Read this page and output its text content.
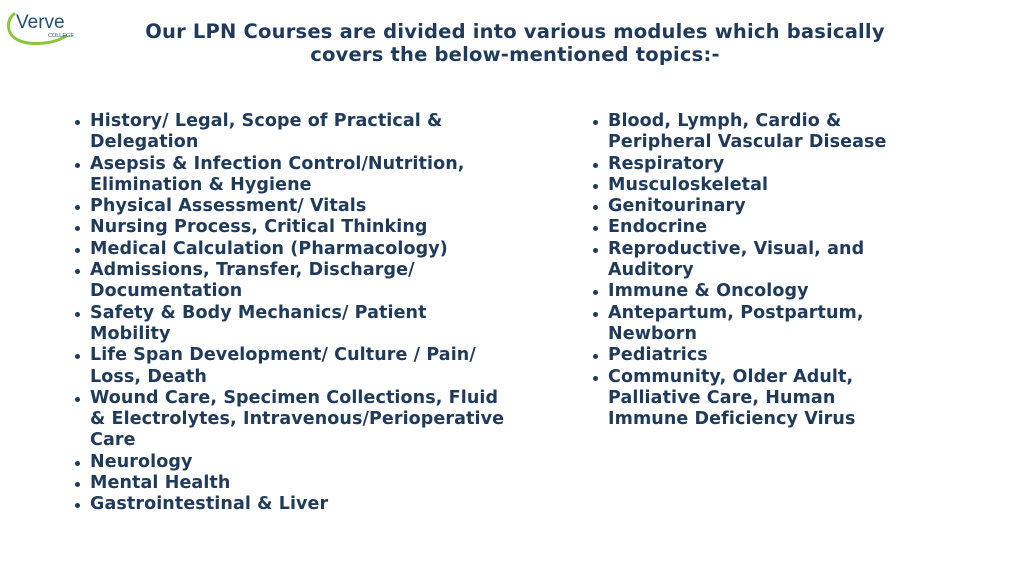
Verve
COLLEGE	Our LPN Courses are divided into various modules which basically
covers the below-mentioned topics:-
History/ Legal, Scope of Practical & Delegation
Asepsis & Infection Control/Nutrition, Elimination & Hygiene
Physical Assessment/ Vitals
Nursing Process, Critical Thinking
Medical Calculation (Pharmacology)
Admissions, Transfer, Discharge/ Documentation
Safety & Body Mechanics/ Patient Mobility
Life Span Development/ Culture / Pain/ Loss, Death
Wound Care, Specimen Collections, Fluid & Electrolytes, Intravenous/Perioperative Care
Neurology
Mental Health
Gastrointestinal & Liver
Blood, Lymph, Cardio & Peripheral Vascular Disease
Respiratory
Musculoskeletal
Genitourinary
Endocrine
Reproductive, Visual, and Auditory
Immune & Oncology
Antepartum, Postpartum, Newborn
Pediatrics
Community, Older Adult, Palliative Care, Human Immune Deficiency Virus
